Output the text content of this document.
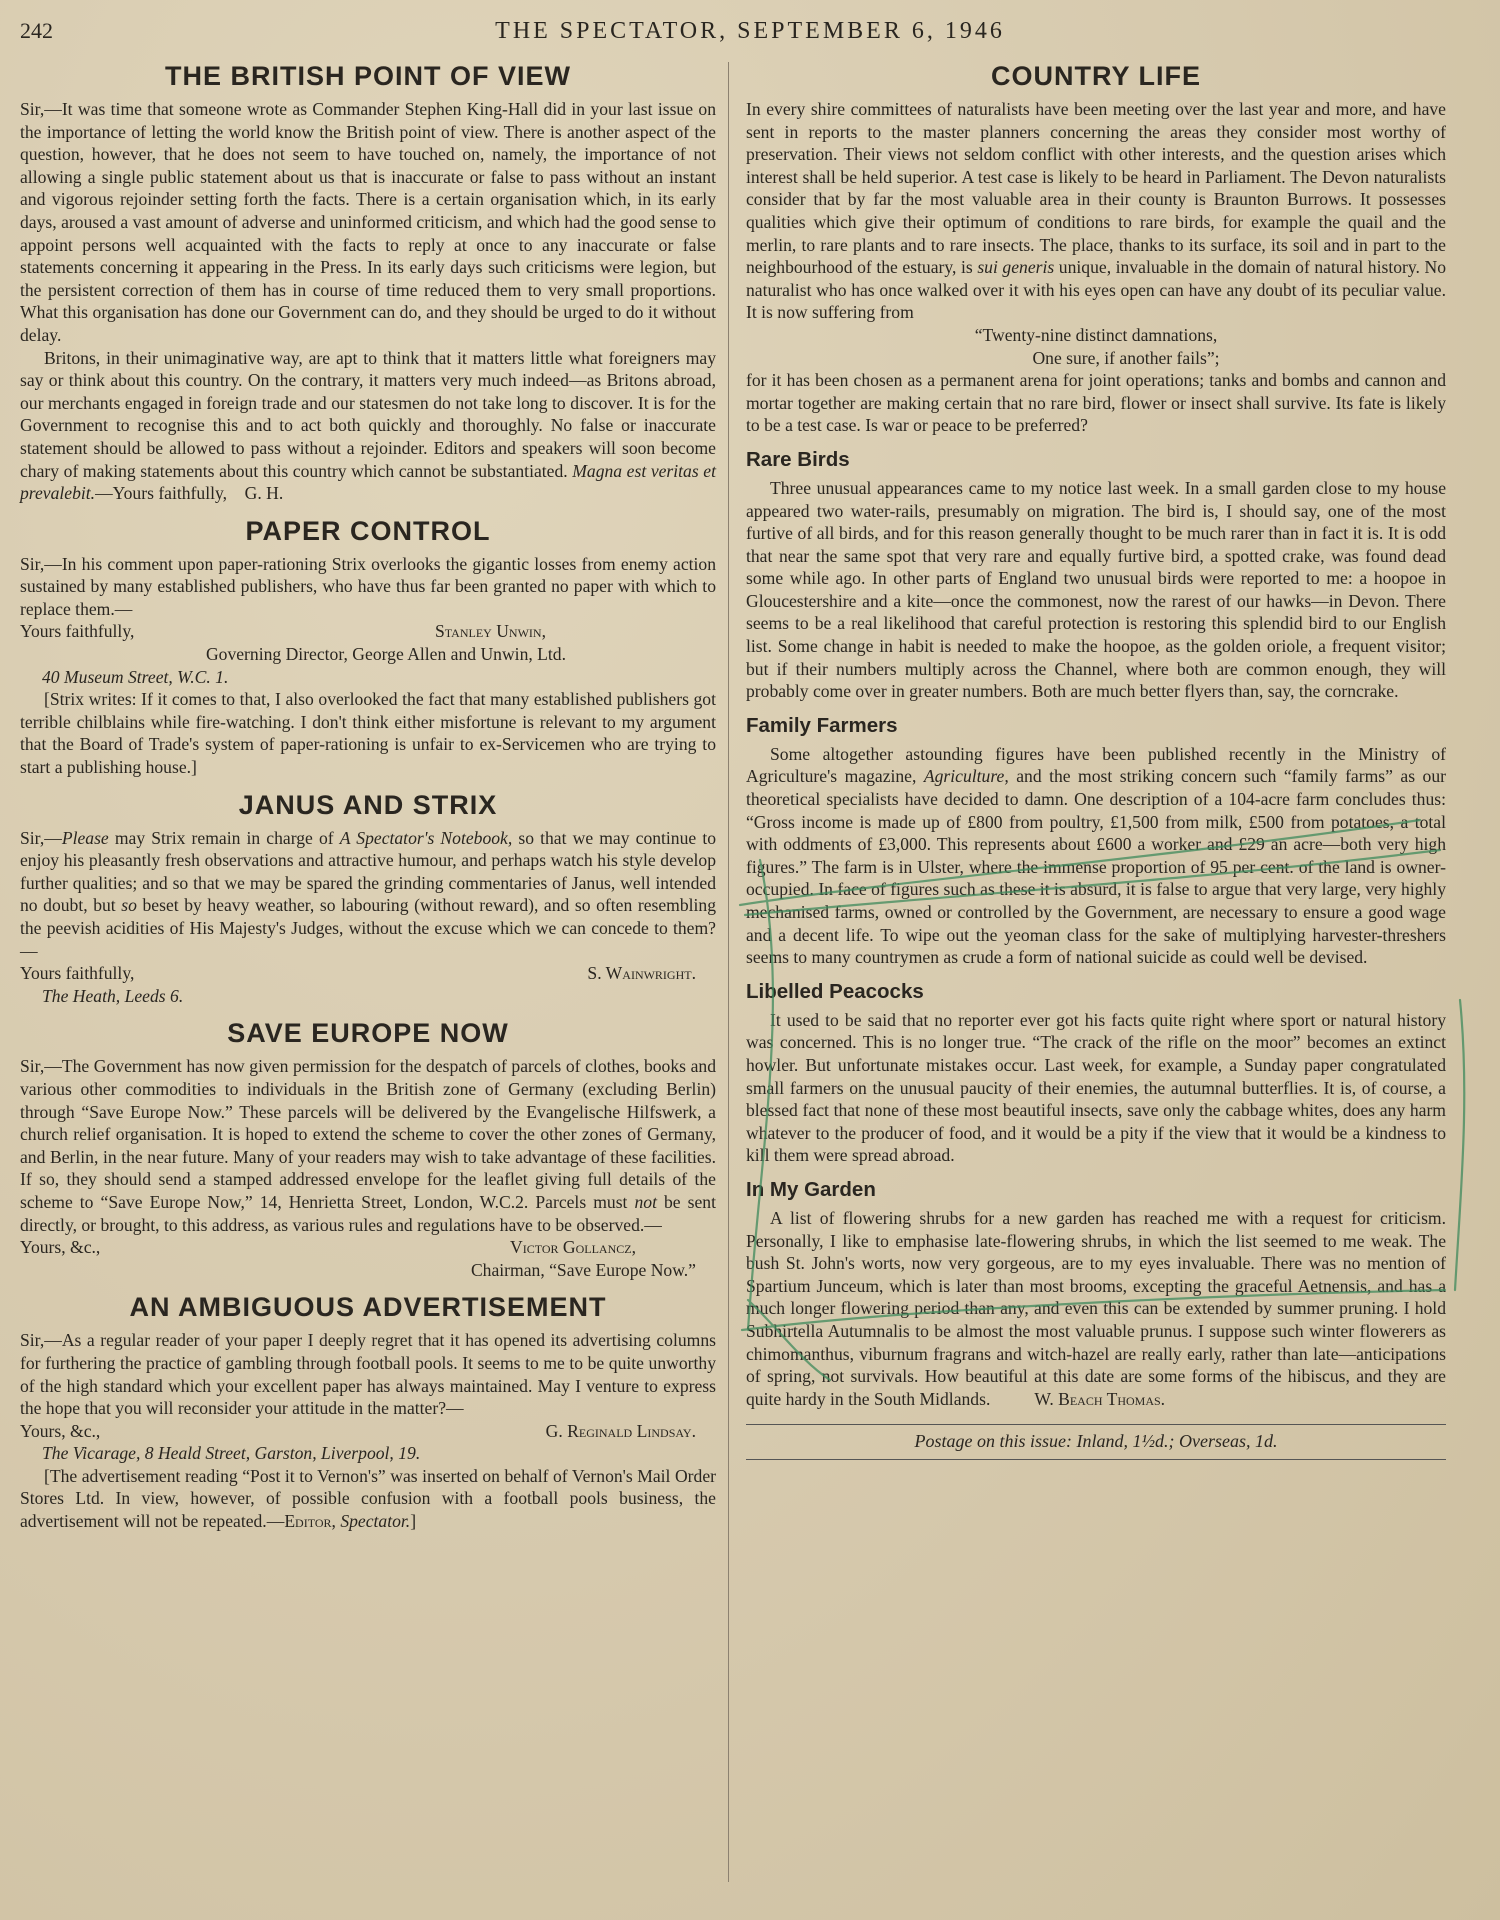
242	THE SPECTATOR, SEPTEMBER 6, 1946
THE BRITISH POINT OF VIEW

Sir,—It was time that someone wrote as Commander Stephen King-Hall did in your last issue on the importance of letting the world know the British point of view. There is another aspect of the question, however, that he does not seem to have touched on, namely, the importance of not allowing a single public statement about us that is inaccurate or false to pass without an instant and vigorous rejoinder setting forth the facts. There is a certain organisation which, in its early days, aroused a vast amount of adverse and uninformed criticism, and which had the good sense to appoint persons well acquainted with the facts to reply at once to any inaccurate or false statements concerning it appearing in the Press. In its early days such criticisms were legion, but the persistent correction of them has in course of time reduced them to very small proportions. What this organisation has done our Government can do, and they should be urged to do it without delay.

Britons, in their unimaginative way, are apt to think that it matters little what foreigners may say or think about this country. On the contrary, it matters very much indeed—as Britons abroad, our merchants engaged in foreign trade and our statesmen do not take long to discover. It is for the Government to recognise this and to act both quickly and thoroughly. No false or inaccurate statement should be allowed to pass without a rejoinder. Editors and speakers will soon become chary of making statements about this country which cannot be substantiated. Magna est veritas et prevalebit.—Yours faithfully, G. H.

PAPER CONTROL

Sir,—In his comment upon paper-rationing Strix overlooks the gigantic losses from enemy action sustained by many established publishers, who have thus far been granted no paper with which to replace them.—

Yours faithfully,	Stanley Unwin,
Governing Director, George Allen and Unwin, Ltd.
40 Museum Street, W.C. 1.

[Strix writes: If it comes to that, I also overlooked the fact that many established publishers got terrible chilblains while fire-watching. I don't think either misfortune is relevant to my argument that the Board of Trade's system of paper-rationing is unfair to ex-Servicemen who are trying to start a publishing house.]

JANUS AND STRIX

Sir,—Please may Strix remain in charge of A Spectator's Notebook, so that we may continue to enjoy his pleasantly fresh observations and attractive humour, and perhaps watch his style develop further qualities; and so that we may be spared the grinding commentaries of Janus, well intended no doubt, but so beset by heavy weather, so labouring (without reward), and so often resembling the peevish acidities of His Majesty's Judges, without the excuse which we can concede to them?—

Yours faithfully,	S. Wainwright.
The Heath, Leeds 6.
SAVE EUROPE NOW

Sir,—The Government has now given permission for the despatch of parcels of clothes, books and various other commodities to individuals in the British zone of Germany (excluding Berlin) through “Save Europe Now.” These parcels will be delivered by the Evangelische Hilfswerk, a church relief organisation. It is hoped to extend the scheme to cover the other zones of Germany, and Berlin, in the near future. Many of your readers may wish to take advantage of these facilities. If so, they should send a stamped addressed envelope for the leaflet giving full details of the scheme to “Save Europe Now,” 14, Henrietta Street, London, W.C.2. Parcels must not be sent directly, or brought, to this address, as various rules and regulations have to be observed.—

Yours, &c.,	Victor Gollancz,
Chairman, “Save Europe Now.”
AN AMBIGUOUS ADVERTISEMENT

Sir,—As a regular reader of your paper I deeply regret that it has opened its advertising columns for furthering the practice of gambling through football pools. It seems to me to be quite unworthy of the high standard which your excellent paper has always maintained. May I venture to express the hope that you will reconsider your attitude in the matter?—

Yours, &c.,	G. Reginald Lindsay.
The Vicarage, 8 Heald Street, Garston, Liverpool, 19.

[The advertisement reading “Post it to Vernon's” was inserted on behalf of Vernon's Mail Order Stores Ltd. In view, however, of possible confusion with a football pools business, the advertisement will not be repeated.—Editor, Spectator.]

COUNTRY LIFE

In every shire committees of naturalists have been meeting over the last year and more, and have sent in reports to the master planners concerning the areas they consider most worthy of preservation. Their views not seldom conflict with other interests, and the question arises which interest shall be held superior. A test case is likely to be heard in Parliament. The Devon naturalists consider that by far the most valuable area in their county is Braunton Burrows. It possesses qualities which give their optimum of conditions to rare birds, for example the quail and the merlin, to rare plants and to rare insects. The place, thanks to its surface, its soil and in part to the neighbourhood of the estuary, is sui generis unique, invaluable in the domain of natural history. No naturalist who has once walked over it with his eyes open can have any doubt of its peculiar value. It is now suffering from

“Twenty-nine distinct damnations,
One sure, if another fails”;

for it has been chosen as a permanent arena for joint operations; tanks and bombs and cannon and mortar together are making certain that no rare bird, flower or insect shall survive. Its fate is likely to be a test case. Is war or peace to be preferred?

Rare Birds

Three unusual appearances came to my notice last week. In a small garden close to my house appeared two water-rails, presumably on migration. The bird is, I should say, one of the most furtive of all birds, and for this reason generally thought to be much rarer than in fact it is. It is odd that near the same spot that very rare and equally furtive bird, a spotted crake, was found dead some while ago. In other parts of England two unusual birds were reported to me: a hoopoe in Gloucestershire and a kite—once the commonest, now the rarest of our hawks—in Devon. There seems to be a real likelihood that careful protection is restoring this splendid bird to our English list. Some change in habit is needed to make the hoopoe, as the golden oriole, a frequent visitor; but if their numbers multiply across the Channel, where both are common enough, they will probably come over in greater numbers. Both are much better flyers than, say, the corncrake.

Family Farmers

Some altogether astounding figures have been published recently in the Ministry of Agriculture's magazine, Agriculture, and the most striking concern such “family farms” as our theoretical specialists have decided to damn. One description of a 104-acre farm concludes thus: “Gross income is made up of £800 from poultry, £1,500 from milk, £500 from potatoes, a total with oddments of £3,000. This represents about £600 a worker and £29 an acre—both very high figures.” The farm is in Ulster, where the immense proportion of 95 per cent. of the land is owner-occupied. In face of figures such as these it is absurd, it is false to argue that very large, very highly mechanised farms, owned or controlled by the Government, are necessary to ensure a good wage and a decent life. To wipe out the yeoman class for the sake of multiplying harvester-threshers seems to many countrymen as crude a form of national suicide as could well be devised.

Libelled Peacocks

It used to be said that no reporter ever got his facts quite right where sport or natural history was concerned. This is no longer true. “The crack of the rifle on the moor” becomes an extinct howler. But unfortunate mistakes occur. Last week, for example, a Sunday paper congratulated small farmers on the unusual paucity of their enemies, the autumnal butterflies. It is, of course, a blessed fact that none of these most beautiful insects, save only the cabbage whites, does any harm whatever to the producer of food, and it would be a pity if the view that it would be a kindness to kill them were spread abroad.

In My Garden

A list of flowering shrubs for a new garden has reached me with a request for criticism. Personally, I like to emphasise late-flowering shrubs, in which the list seemed to me weak. The bush St. John's worts, now very gorgeous, are to my eyes invaluable. There was no mention of Spartium Junceum, which is later than most brooms, excepting the graceful Aetnensis, and has a much longer flowering period than any, and even this can be extended by summer pruning. I hold Subhirtella Autumnalis to be almost the most valuable prunus. I suppose such winter flowerers as chimomanthus, viburnum fragrans and witch-hazel are really early, rather than late—anticipations of spring, not survivals. How beautiful at this date are some forms of the hibiscus, and they are quite hardy in the South Midlands. W. Beach Thomas.

Postage on this issue: Inland, 1½d.; Overseas, 1d.
